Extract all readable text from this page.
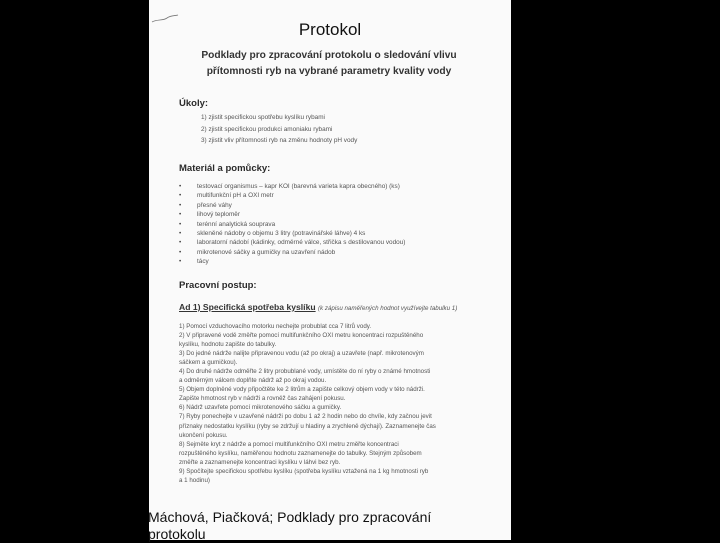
Protokol
Podklady pro zpracování protokolu o sledování vlivu
přítomnosti ryb na vybrané parametry kvality vody
Úkoly:
1) zjistit specifickou spotřebu kyslíku rybami
2) zjistit specifickou produkci amoniaku rybami
3) zjistit vliv přítomnosti ryb na změnu hodnoty pH vody
Materiál a pomůcky:
• testovací organismus – kapr KOI (barevná varieta kapra obecného) (ks)
• multifunkční pH a OXI metr
• přesné váhy
• lihový teploměr
• terénní analytická souprava
• skleněné nádoby o objemu 3 litry (potravinářské láhve) 4 ks
• laboratorní nádobí (kádinky, odměrné válce, střička s destilovanou vodou)
• mikrotenové sáčky a gumičky na uzavření nádob
• tácy
Pracovní postup:
Ad 1) Specifická spotřeba kyslíku (k zápisu naměřených hodnot využívejte tabulku 1)
1) Pomocí vzduchovacího motorku nechejte probublat cca 7 litrů vody.
2) V připravené vodě změřte pomocí multifunkčního OXI metru koncentraci rozpuštěného
kyslíku, hodnotu zapište do tabulky.
3) Do jedné nádrže nalijte připravenou vodu (až po okraj) a uzavřete (např. mikrotenovým
sáčkem a gumičkou).
4) Do druhé nádrže odměřte 2 litry probublané vody, umístěte do ní ryby o známé hmotnosti
a odměrným válcem doplňte nádrž až po okraj vodou.
5) Objem doplněné vody připočtěte ke 2 litrům a zapište celkový objem vody v této nádrži.
Zapište hmotnost ryb v nádrži a rovněž čas zahájení pokusu.
6) Nádrž uzavřete pomocí mikrotenového sáčku a gumičky.
7) Ryby ponechejte v uzavřené nádrži po dobu 1 až 2 hodin nebo do chvíle, kdy začnou jevit
příznaky nedostatku kyslíku (ryby se zdržují u hladiny a zrychleně dýchají). Zaznamenejte čas
ukončení pokusu.
8) Sejměte kryt z nádrže a pomocí multifunkčního OXI metru změřte koncentraci
rozpuštěného kyslíku, naměřenou hodnotu zaznamenejte do tabulky. Stejným způsobem
změřte a zaznamenejte koncentraci kyslíku v láhvi bez ryb.
9) Spočítejte specifickou spotřebu kyslíku (spotřeba kyslíku vztažená na 1 kg hmotnosti ryb
a 1 hodinu)
Máchová, Piačková; Podklady pro zpracování
protokolu
